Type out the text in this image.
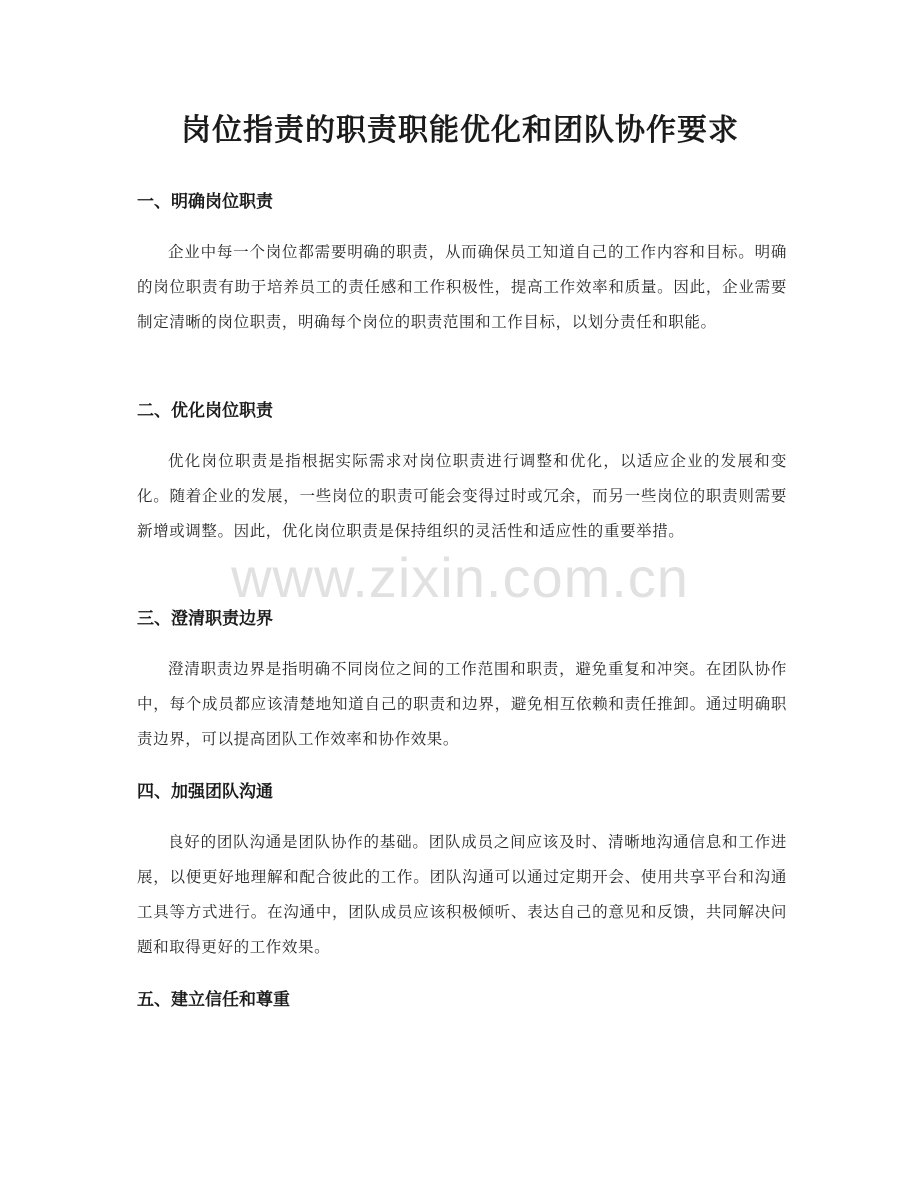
岗位指责的职责职能优化和团队协作要求
一、明确岗位职责

企业中每一个岗位都需要明确的职责，从而确保员工知道自己的工作内容和目标。明确的岗位职责有助于培养员工的责任感和工作积极性，提高工作效率和质量。因此，企业需要制定清晰的岗位职责，明确每个岗位的职责范围和工作目标，以划分责任和职能。

二、优化岗位职责

优化岗位职责是指根据实际需求对岗位职责进行调整和优化，以适应企业的发展和变化。随着企业的发展，一些岗位的职责可能会变得过时或冗余，而另一些岗位的职责则需要新增或调整。因此，优化岗位职责是保持组织的灵活性和适应性的重要举措。

三、澄清职责边界

澄清职责边界是指明确不同岗位之间的工作范围和职责，避免重复和冲突。在团队协作中，每个成员都应该清楚地知道自己的职责和边界，避免相互依赖和责任推卸。通过明确职责边界，可以提高团队工作效率和协作效果。

四、加强团队沟通

良好的团队沟通是团队协作的基础。团队成员之间应该及时、清晰地沟通信息和工作进展，以便更好地理解和配合彼此的工作。团队沟通可以通过定期开会、使用共享平台和沟通工具等方式进行。在沟通中，团队成员应该积极倾听、表达自己的意见和反馈，共同解决问题和取得更好的工作效果。

五、建立信任和尊重
www.zixin.com.cn
